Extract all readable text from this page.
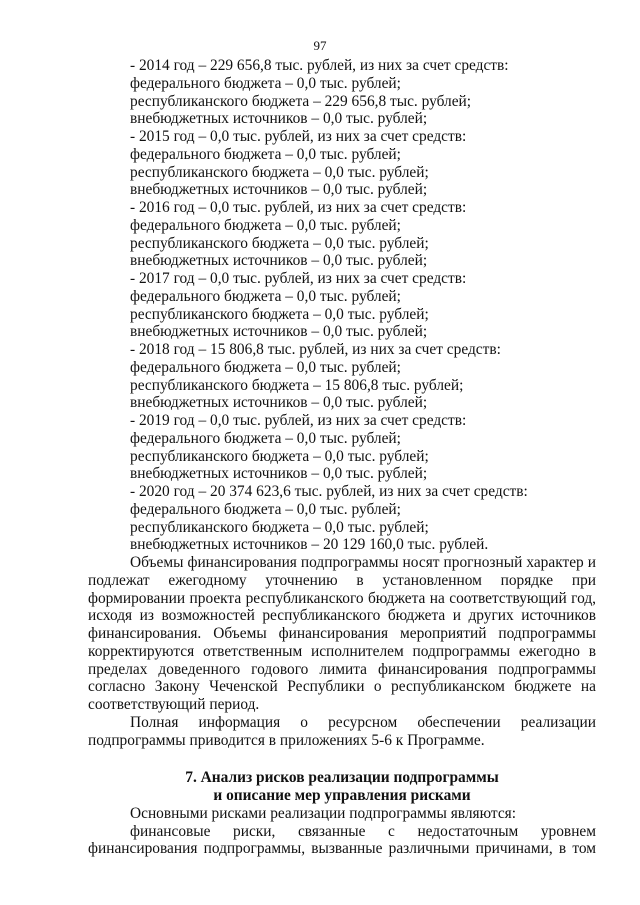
97
- 2014 год – 229 656,8 тыс. рублей, из них за счет средств:
федерального бюджета – 0,0 тыс. рублей;
республиканского бюджета – 229 656,8 тыс. рублей;
внебюджетных источников – 0,0 тыс. рублей;
- 2015 год – 0,0 тыс. рублей, из них за счет средств:
федерального бюджета – 0,0 тыс. рублей;
республиканского бюджета – 0,0 тыс. рублей;
внебюджетных источников – 0,0 тыс. рублей;
- 2016 год – 0,0 тыс. рублей, из них за счет средств:
федерального бюджета – 0,0 тыс. рублей;
республиканского бюджета – 0,0 тыс. рублей;
внебюджетных источников – 0,0 тыс. рублей;
- 2017 год – 0,0 тыс. рублей, из них за счет средств:
федерального бюджета – 0,0 тыс. рублей;
республиканского бюджета – 0,0 тыс. рублей;
внебюджетных источников – 0,0 тыс. рублей;
- 2018 год – 15 806,8 тыс. рублей, из них за счет средств:
федерального бюджета – 0,0 тыс. рублей;
республиканского бюджета – 15 806,8 тыс. рублей;
внебюджетных источников – 0,0 тыс. рублей;
- 2019 год – 0,0 тыс. рублей, из них за счет средств:
федерального бюджета – 0,0 тыс. рублей;
республиканского бюджета – 0,0 тыс. рублей;
внебюджетных источников – 0,0 тыс. рублей;
- 2020 год – 20 374 623,6 тыс. рублей, из них за счет средств:
федерального бюджета – 0,0 тыс. рублей;
республиканского бюджета – 0,0 тыс. рублей;
внебюджетных источников – 20 129 160,0 тыс. рублей.
Объемы финансирования подпрограммы носят прогнозный характер и
подлежат ежегодному уточнению в установленном порядке при
формировании проекта республиканского бюджета на соответствующий год,
исходя из возможностей республиканского бюджета и других источников
финансирования. Объемы финансирования мероприятий подпрограммы
корректируются ответственным исполнителем подпрограммы ежегодно в
пределах доведенного годового лимита финансирования подпрограммы
согласно Закону Чеченской Республики о республиканском бюджете на
соответствующий период.
Полная информация о ресурсном обеспечении реализации
подпрограммы приводится в приложениях 5-6 к Программе.
7. Анализ рисков реализации подпрограммы
и описание мер управления рисками
Основными рисками реализации подпрограммы являются:
финансовые риски, связанные с недостаточным уровнем
финансирования подпрограммы, вызванные различными причинами, в том
